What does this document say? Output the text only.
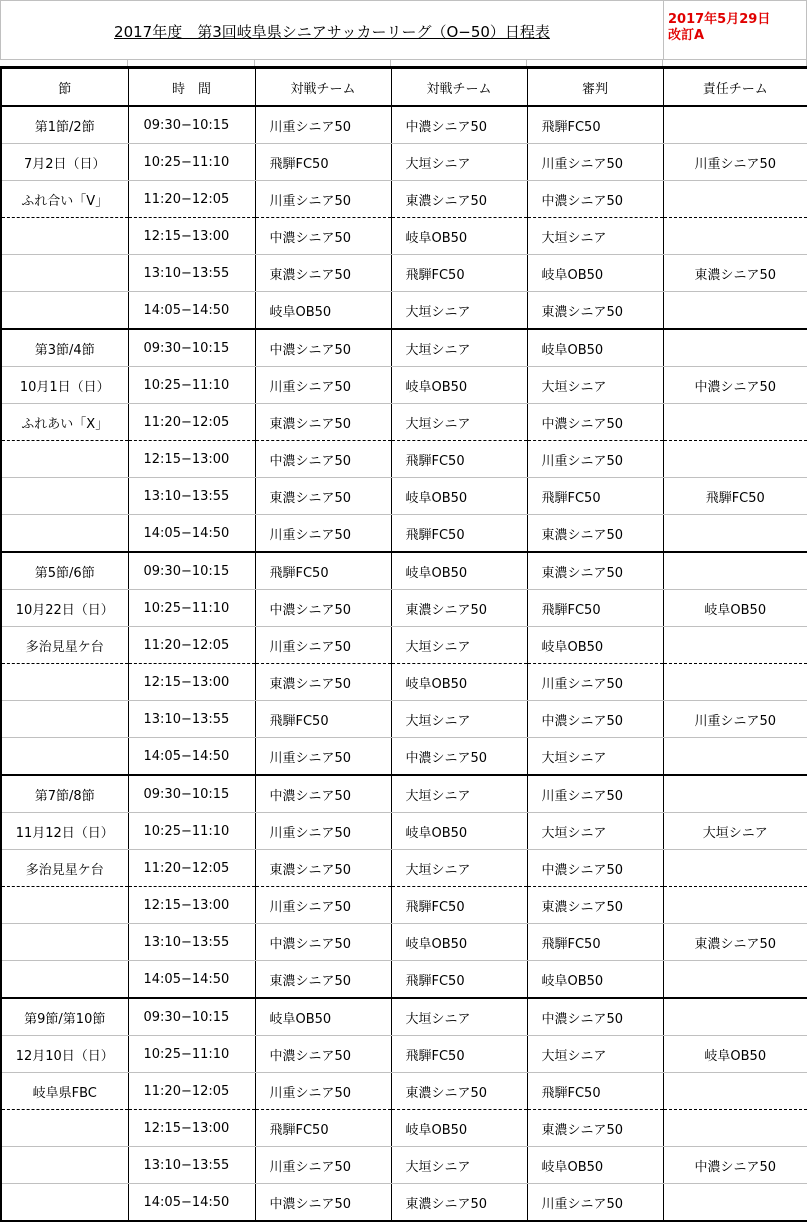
2017年度　第3回岐阜県シニアサッカーリーグ（O−50）日程表
2017年5月29日
改訂A
節	時　間	対戦チーム	対戦チーム	審判	責任チーム
第1節/2節	09:30−10:15	川重シニア50	中濃シニア50	飛騨FC50	
7月2日（日）	10:25−11:10	飛騨FC50	大垣シニア	川重シニア50	川重シニア50
ふれ合い「V」	11:20−12:05	川重シニア50	東濃シニア50	中濃シニア50	
	12:15−13:00	中濃シニア50	岐阜OB50	大垣シニア	
	13:10−13:55	東濃シニア50	飛騨FC50	岐阜OB50	東濃シニア50
	14:05−14:50	岐阜OB50	大垣シニア	東濃シニア50	
第3節/4節	09:30−10:15	中濃シニア50	大垣シニア	岐阜OB50	
10月1日（日）	10:25−11:10	川重シニア50	岐阜OB50	大垣シニア	中濃シニア50
ふれあい「X」	11:20−12:05	東濃シニア50	大垣シニア	中濃シニア50	
	12:15−13:00	中濃シニア50	飛騨FC50	川重シニア50	
	13:10−13:55	東濃シニア50	岐阜OB50	飛騨FC50	飛騨FC50
	14:05−14:50	川重シニア50	飛騨FC50	東濃シニア50	
第5節/6節	09:30−10:15	飛騨FC50	岐阜OB50	東濃シニア50	
10月22日（日）	10:25−11:10	中濃シニア50	東濃シニア50	飛騨FC50	岐阜OB50
多治見星ケ台	11:20−12:05	川重シニア50	大垣シニア	岐阜OB50	
	12:15−13:00	東濃シニア50	岐阜OB50	川重シニア50	
	13:10−13:55	飛騨FC50	大垣シニア	中濃シニア50	川重シニア50
	14:05−14:50	川重シニア50	中濃シニア50	大垣シニア	
第7節/8節	09:30−10:15	中濃シニア50	大垣シニア	川重シニア50	
11月12日（日）	10:25−11:10	川重シニア50	岐阜OB50	大垣シニア	大垣シニア
多治見星ケ台	11:20−12:05	東濃シニア50	大垣シニア	中濃シニア50	
	12:15−13:00	川重シニア50	飛騨FC50	東濃シニア50	
	13:10−13:55	中濃シニア50	岐阜OB50	飛騨FC50	東濃シニア50
	14:05−14:50	東濃シニア50	飛騨FC50	岐阜OB50	
第9節/第10節	09:30−10:15	岐阜OB50	大垣シニア	中濃シニア50	
12月10日（日）	10:25−11:10	中濃シニア50	飛騨FC50	大垣シニア	岐阜OB50
岐阜県FBC	11:20−12:05	川重シニア50	東濃シニア50	飛騨FC50	
	12:15−13:00	飛騨FC50	岐阜OB50	東濃シニア50	
	13:10−13:55	川重シニア50	大垣シニア	岐阜OB50	中濃シニア50
	14:05−14:50	中濃シニア50	東濃シニア50	川重シニア50	
